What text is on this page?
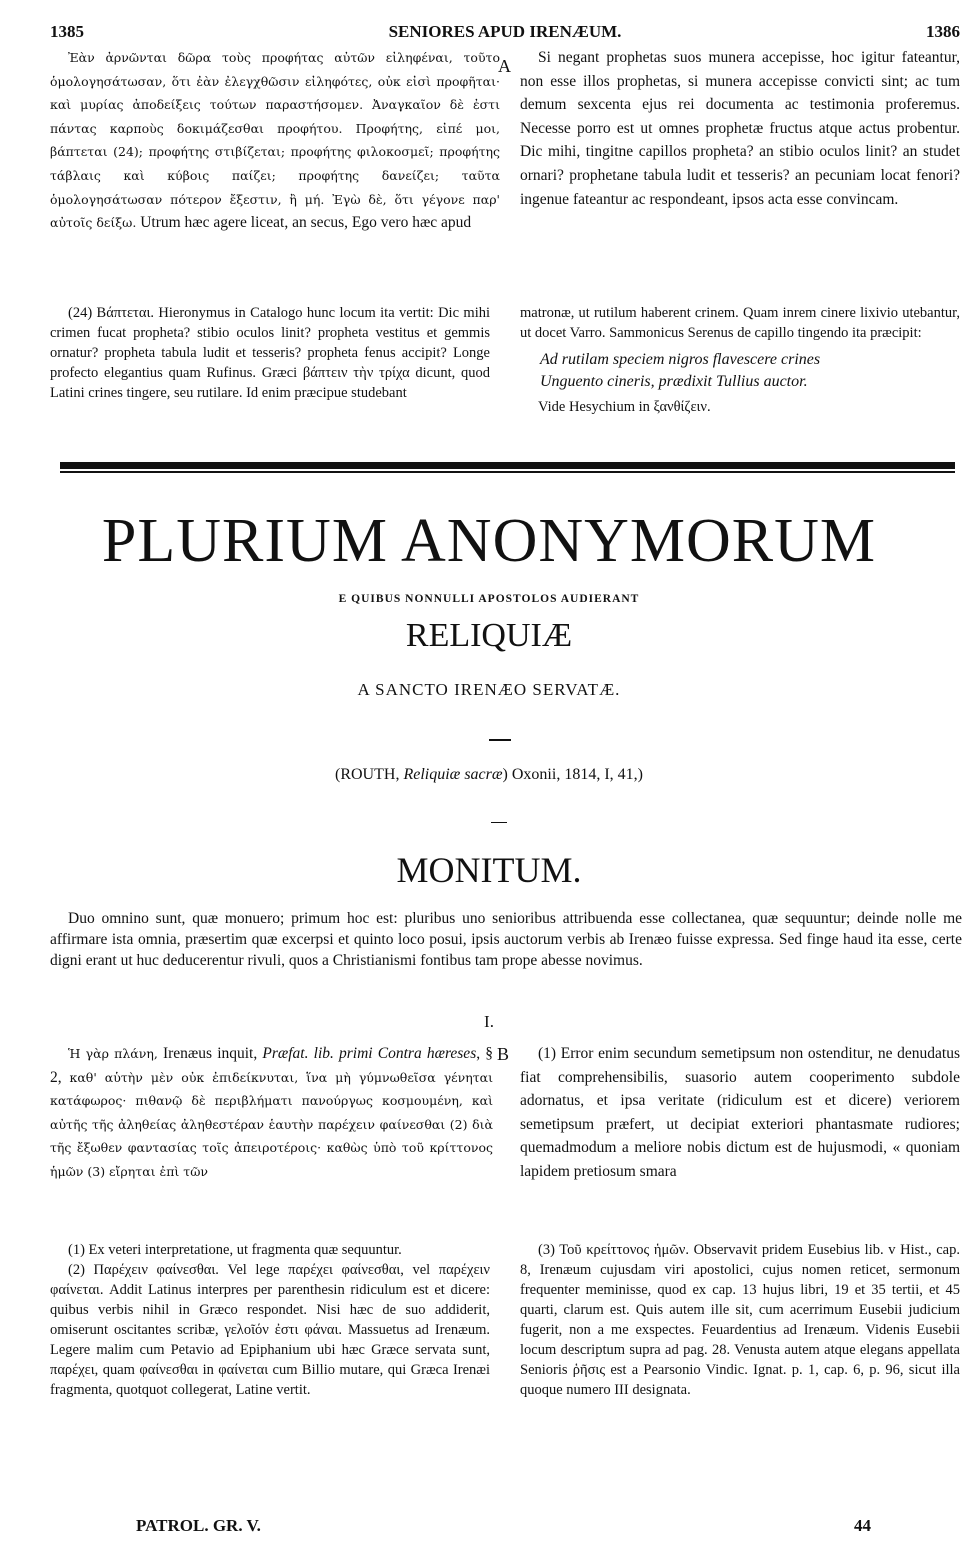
1385	SENIORES APUD IRENÆUM.	1386

Ἐὰν ἀρνῶνται δῶρα τοὺς προφήτας αὐτῶν εἰληφέναι, τοῦτο ὁμολογησάτωσαν, ὅτι ἐὰν ἐλεγχθῶσιν εἰληφότες, οὐκ εἰσὶ προφῆται· καὶ μυρίας ἀποδείξεις τούτων παραστήσομεν. Ἀναγκαῖον δὲ ἐστι πάντας καρποὺς δοκιμάζεσθαι προφήτου. Προφήτης, εἰπέ μοι, βάπτεται (24); προφήτης στιβίζεται; προφήτης φιλοκοσμεῖ; προφήτης τάβλαις καὶ κύβοις παίζει; προφήτης δανείζει; ταῦτα ὁμολογησάτωσαν πότερον ἔξεστιν, ἢ μή. Ἐγὼ δὲ, ὅτι γέγονε παρ' αὐτοῖς δείξω. Utrum hæc agere liceat, an secus, Ego vero hæc apud

A	Si negant prophetas suos munera accepisse, hoc igitur fateantur, non esse illos prophetas, si munera accepisse convicti sint; ac tum demum sexcenta ejus rei documenta ac testimonia proferemus. Necesse porro est ut omnes prophetæ fructus atque actus probentur. Dic mihi, tingitne capillos propheta? an stibio oculos linit? an studet ornari? prophetane tabula ludit et tesseris? an pecuniam locat fenori? ingenue fateantur ac respondeant, ipsos acta esse convincam.

(24) Βάπτεται. Hieronymus in Catalogo hunc locum ita vertit: Dic mihi crimen fucat propheta? stibio oculos linit? propheta vestitus et gemmis ornatur? propheta tabula ludit et tesseris? propheta fenus accipit? Longe profecto elegantius quam Rufinus. Græci βάπτειν τὴν τρίχα dicunt, quod Latini crines tingere, seu rutilare. Id enim præcipue studebant

matronæ, ut rutilum haberent crinem. Quam inrem cinere lixivio utebantur, ut docet Varro. Sammonicus Serenus de capillo tingendo ita præcipit:

Ad rutilam speciem nigros flavescere crines

Unguento cineris, prædixit Tullius auctor.

Vide Hesychium in ξανθίζειν.

PLURIUM ANONYMORUM
E QUIBUS NONNULLI APOSTOLOS AUDIERANT
RELIQUIÆ
A SANCTO IRENÆO SERVATÆ.
(ROUTH, Reliquiæ sacræ) Oxonii, 1814, I, 41,)
MONITUM.
Duo omnino sunt, quæ monuero; primum hoc est: pluribus uno senioribus attribuenda esse collectanea, quæ sequuntur; deinde nolle me affirmare ista omnia, præsertim quæ excerpsi et quinto loco posui, ipsis auctorum verbis ab Irenæo fuisse expressa. Sed finge haud ita esse, certe digni erant ut huc deducerentur rivuli, quos a Christianismi fontibus tam prope abesse novimus.
I.

Ἡ γὰρ πλάνη, Irenæus inquit, Præfat. lib. primi Contra hæreses, § 2, καθ' αὑτὴν μὲν οὐκ ἐπιδείκνυται, ἵνα μὴ γύμνωθεῖσα γένηται κατάφωρος· πιθανῷ δὲ περιβλήματι πανούργως κοσμουμένη, καὶ αὐτῆς τῆς ἀληθείας ἀληθεστέραν ἑαυτὴν παρέχειν φαίνεσθαι (2) διὰ τῆς ἔξωθεν φαντασίας τοῖς ἀπειροτέροις· καθὼς ὑπὸ τοῦ κρίττονος ἡμῶν (3) εἴρηται ἐπὶ τῶν

B	(1) Error enim secundum semetipsum non ostenditur, ne denudatus fiat comprehensibilis, suasorio autem cooperimento subdole adornatus, et ipsa veritate (ridiculum est et dicere) veriorem semetipsum præfert, ut decipiat exteriori phantasmate rudiores; quemadmodum a meliore nobis dictum est de hujusmodi, « quoniam lapidem pretiosum smara

(1) Ex veteri interpretatione, ut fragmenta quæ sequuntur.

(2) Παρέχειν φαίνεσθαι. Vel lege παρέχει φαίνεσθαι, vel παρέχειν φαίνεται. Addit Latinus interpres per parenthesin ridiculum est et dicere: quibus verbis nihil in Græco respondet. Nisi hæc de suo addiderit, omiserunt oscitantes scribæ, γελοῖόν ἐστι φάναι. Massuetus ad Irenæum. Legere malim cum Petavio ad Epiphanium ubi hæc Græce servata sunt, παρέχει, quam φαίνεσθαι in φαίνεται cum Billio mutare, qui Græca Irenæi fragmenta, quotquot collegerat, Latine vertit.

(3) Τοῦ κρείττονος ἡμῶν. Observavit pridem Eusebius lib. v Hist., cap. 8, Irenæum cujusdam viri apostolici, cujus nomen reticet, sermonum frequenter meminisse, quod ex cap. 13 hujus libri, 19 et 35 tertii, et 45 quarti, clarum est. Quis autem ille sit, cum acerrimum Eusebii judicium fugerit, non a me exspectes. Feuardentius ad Irenæum. Videnis Eusebii locum descriptum supra ad pag. 28. Venusta autem atque elegans appellata Senioris ῥῆσις est a Pearsonio Vindic. Ignat. p. 1, cap. 6, p. 96, sicut illa quoque numero III designata.

PATROL. GR. V.	44
